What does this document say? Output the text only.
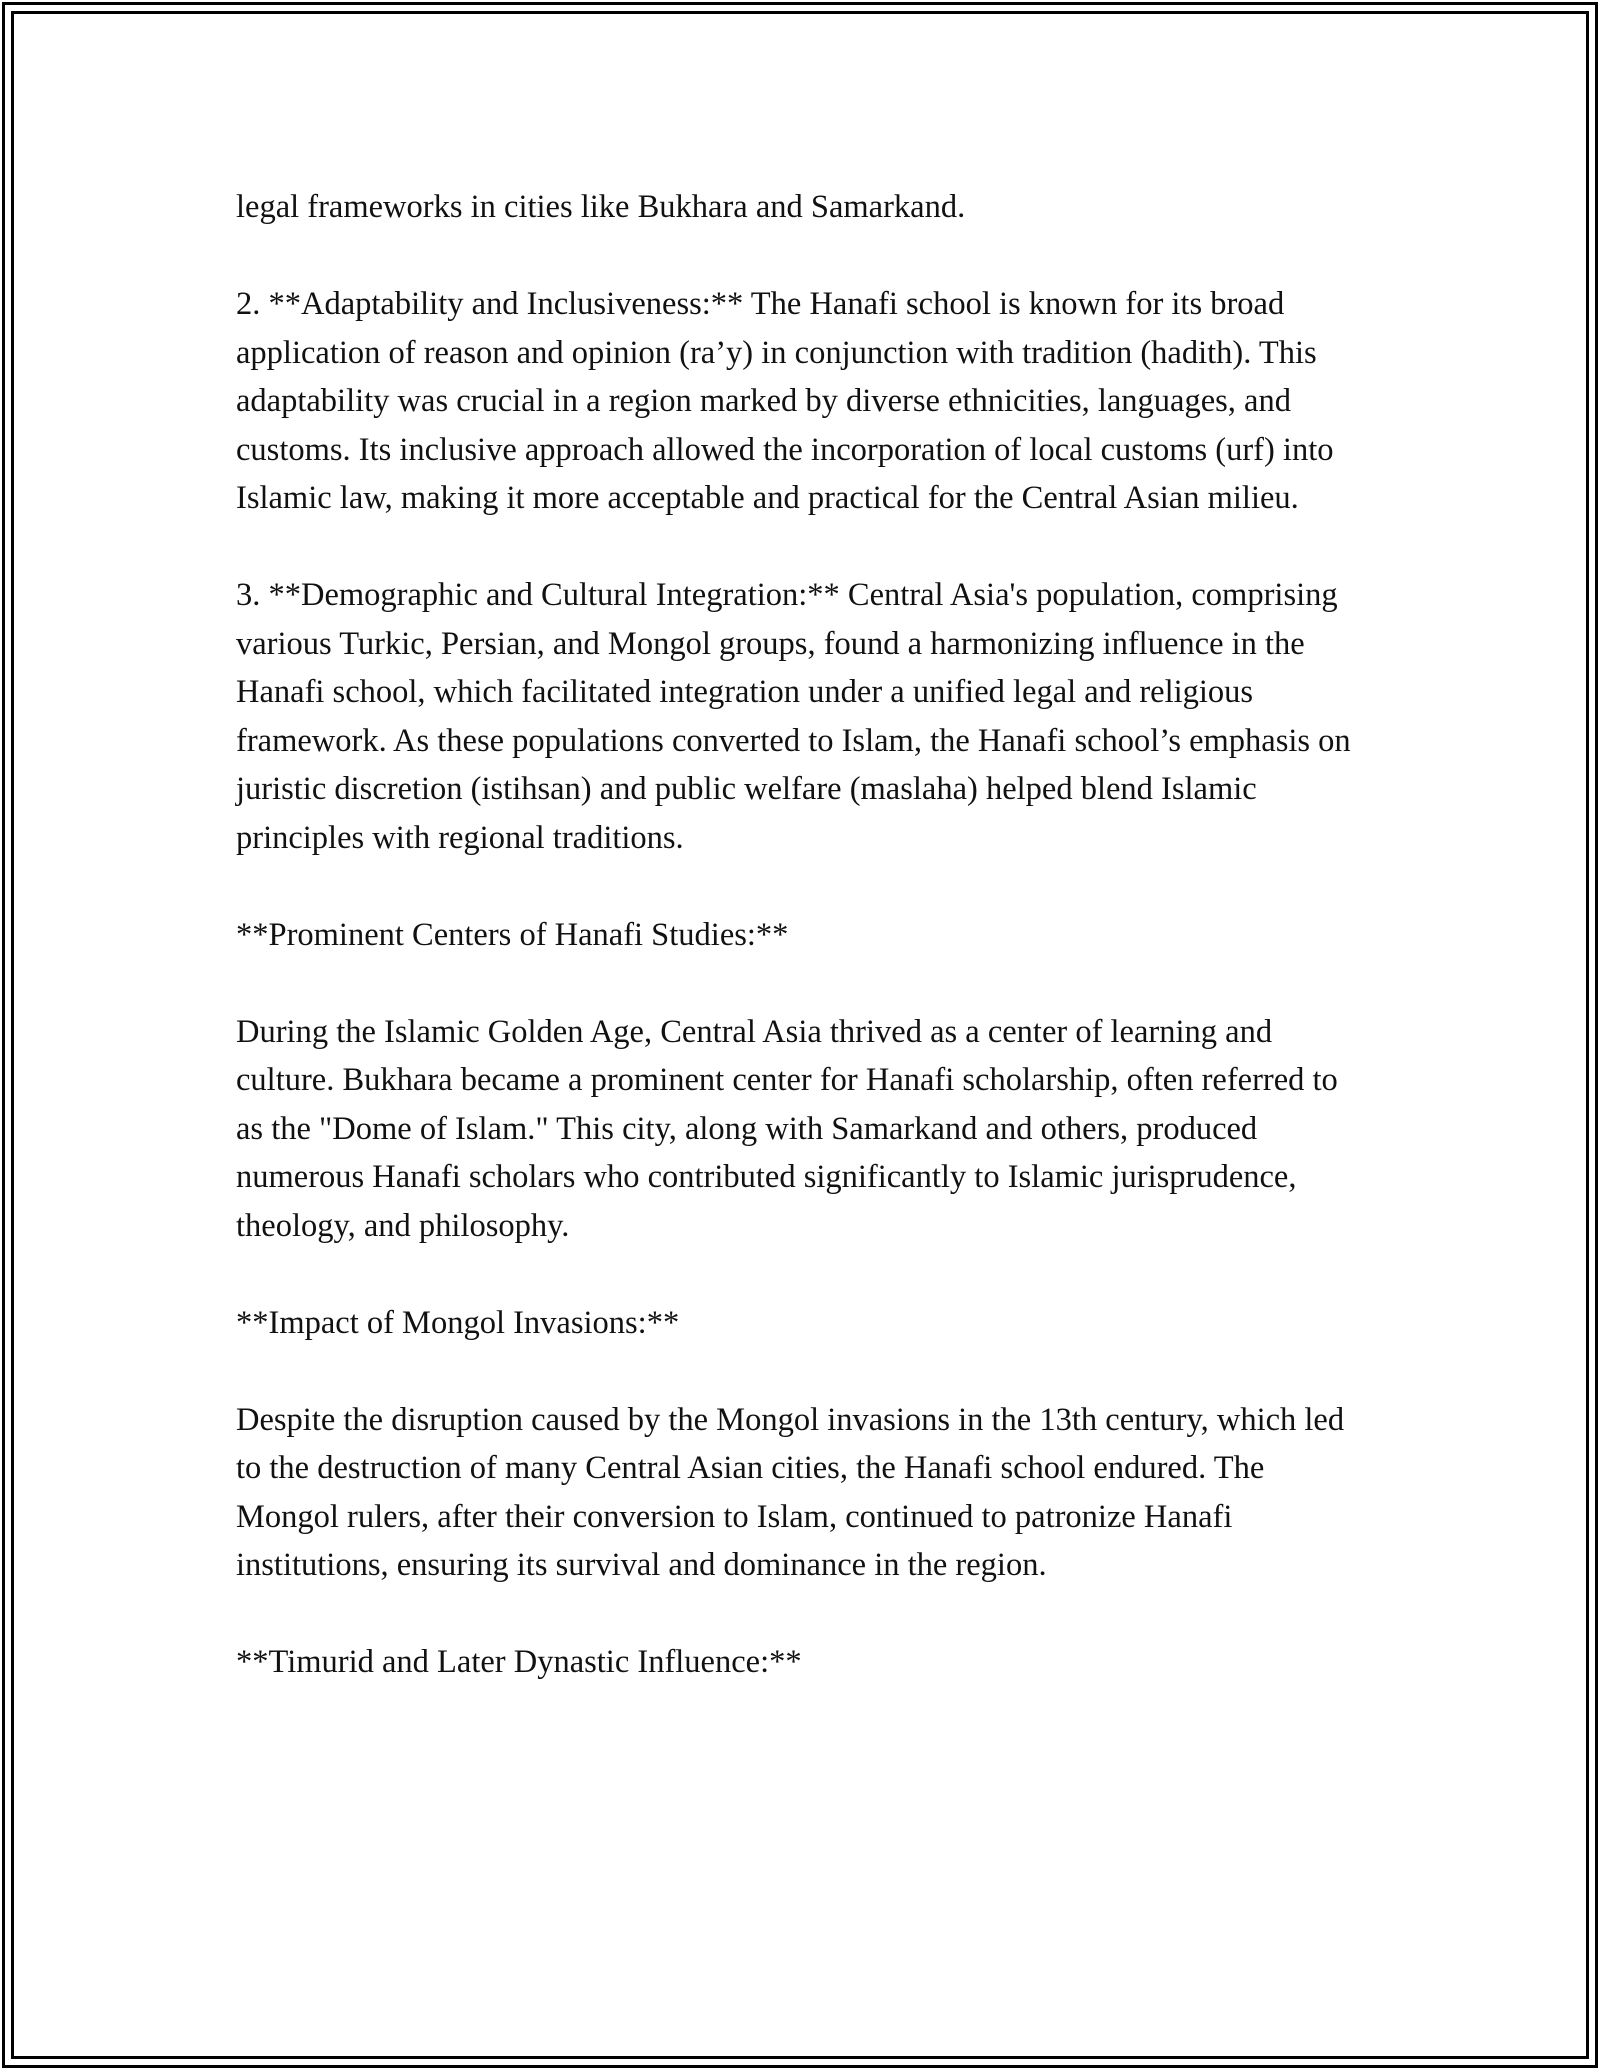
legal frameworks in cities like Bukhara and Samarkand.

2. **Adaptability and Inclusiveness:** The Hanafi school is known for its broad application of reason and opinion (ra’y) in conjunction with tradition (hadith). This adaptability was crucial in a region marked by diverse ethnicities, languages, and customs. Its inclusive approach allowed the incorporation of local customs (urf) into Islamic law, making it more acceptable and practical for the Central Asian milieu.

3. **Demographic and Cultural Integration:** Central Asia's population, comprising various Turkic, Persian, and Mongol groups, found a harmonizing influence in the Hanafi school, which facilitated integration under a unified legal and religious framework. As these populations converted to Islam, the Hanafi school’s emphasis on juristic discretion (istihsan) and public welfare (maslaha) helped blend Islamic principles with regional traditions.

**Prominent Centers of Hanafi Studies:**

During the Islamic Golden Age, Central Asia thrived as a center of learning and culture. Bukhara became a prominent center for Hanafi scholarship, often referred to as the "Dome of Islam." This city, along with Samarkand and others, produced numerous Hanafi scholars who contributed significantly to Islamic jurisprudence, theology, and philosophy.

**Impact of Mongol Invasions:**

Despite the disruption caused by the Mongol invasions in the 13th century, which led to the destruction of many Central Asian cities, the Hanafi school endured. The Mongol rulers, after their conversion to Islam, continued to patronize Hanafi institutions, ensuring its survival and dominance in the region.

**Timurid and Later Dynastic Influence:**
